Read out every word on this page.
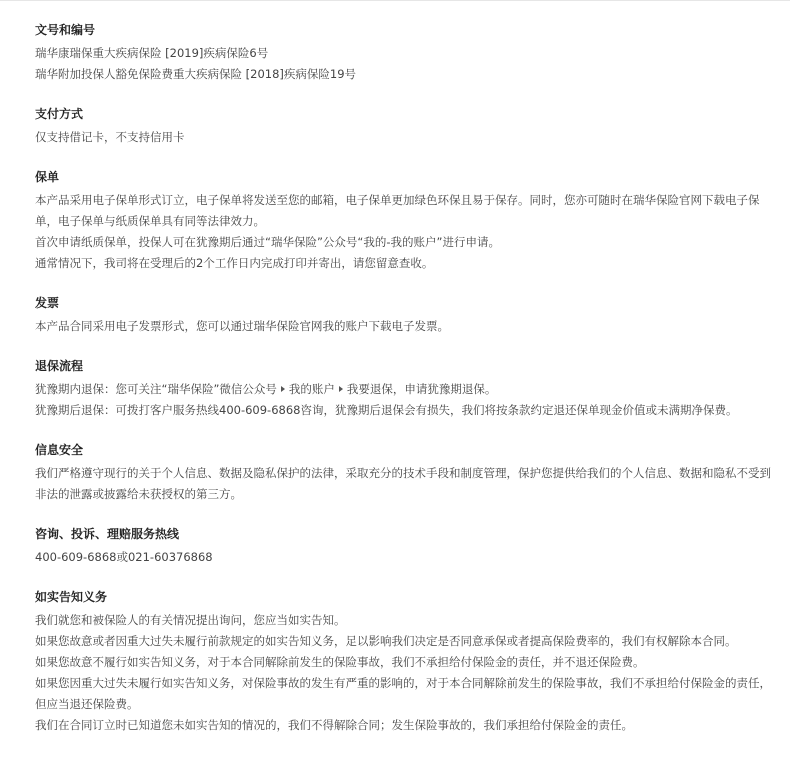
文号和编号

瑞华康瑞保重大疾病保险 [2019]疾病保险6号

瑞华附加投保人豁免保险费重大疾病保险 [2018]疾病保险19号

支付方式

仅支持借记卡，不支持信用卡

保单

本产品采用电子保单形式订立，电子保单将发送至您的邮箱，电子保单更加绿色环保且易于保存。同时，您亦可随时在瑞华保险官网下载电子保单，电子保单与纸质保单具有同等法律效力。

首次申请纸质保单，投保人可在犹豫期后通过“瑞华保险”公众号“我的-我的账户”进行申请。

通常情况下，我司将在受理后的2个工作日内完成打印并寄出，请您留意查收。

发票

本产品合同采用电子发票形式，您可以通过瑞华保险官网我的账户下载电子发票。

退保流程

犹豫期内退保：您可关注“瑞华保险”微信公众号 我的账户 我要退保，申请犹豫期退保。

犹豫期后退保：可拨打客户服务热线400-609-6868咨询，犹豫期后退保会有损失，我们将按条款约定退还保单现金价值或未满期净保费。

信息安全

我们严格遵守现行的关于个人信息、数据及隐私保护的法律，采取充分的技术手段和制度管理，保护您提供给我们的个人信息、数据和隐私不受到非法的泄露或披露给未获授权的第三方。

咨询、投诉、理赔服务热线

400-609-6868或021-60376868

如实告知义务

我们就您和被保险人的有关情况提出询问，您应当如实告知。

如果您故意或者因重大过失未履行前款规定的如实告知义务，足以影响我们决定是否同意承保或者提高保险费率的，我们有权解除本合同。

如果您故意不履行如实告知义务，对于本合同解除前发生的保险事故，我们不承担给付保险金的责任，并不退还保险费。

如果您因重大过失未履行如实告知义务，对保险事故的发生有严重的影响的，对于本合同解除前发生的保险事故，我们不承担给付保险金的责任，但应当退还保险费。

我们在合同订立时已知道您未如实告知的情况的，我们不得解除合同；发生保险事故的，我们承担给付保险金的责任。
